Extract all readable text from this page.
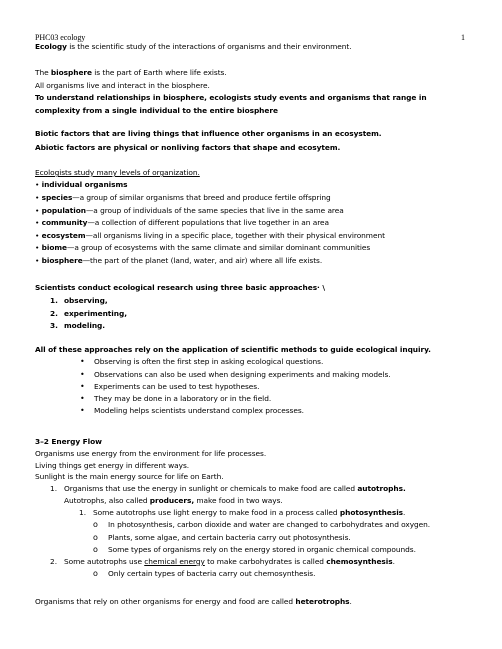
PHC03 ecology	1
Ecology is the scientific study of the interactions of organisms and their environment.
The biosphere is the part of Earth where life exists.
All organisms live and interact in the biosphere.
To understand relationships in biosphere, ecologists study events and organisms that range in
complexity from a single individual to the entire biosphere
Biotic factors that are living things that influence other organisms in an ecosystem.
Abiotic factors are physical or nonliving factors that shape and ecosytem.
Ecologists study many levels of organization.
• individual organisms
• species—a group of similar organisms that breed and produce fertile offspring
• population—a group of individuals of the same species that live in the same area
• community—a collection of different populations that live together in an area
• ecosystem—all organisms living in a specific place, together with their physical environment
• biome—a group of ecosystems with the same climate and similar dominant communities
• biosphere—the part of the planet (land, water, and air) where all life exists.
Scientists conduct ecological research using three basic approaches· \
1. observing,
2. experimenting,
3. modeling.
All of these approaches rely on the application of scientific methods to guide ecological inquiry.
• Observing is often the first step in asking ecological questions.
• Observations can also be used when designing experiments and making models.
• Experiments can be used to test hypotheses.
• They may be done in a laboratory or in the field.
• Modeling helps scientists understand complex processes.
3–2 Energy Flow
Organisms use energy from the environment for life processes.
Living things get energy in different ways.
Sunlight is the main energy source for life on Earth.
1. Organisms that use the energy in sunlight or chemicals to make food are called autotrophs.
Autotrophs, also called producers, make food in two ways.
1. Some autotrophs use light energy to make food in a process called photosynthesis.
o In photosynthesis, carbon dioxide and water are changed to carbohydrates and oxygen.
o Plants, some algae, and certain bacteria carry out photosynthesis.
o Some types of organisms rely on the energy stored in organic chemical compounds.
2. Some autotrophs use chemical energy to make carbohydrates is called chemosynthesis.
o Only certain types of bacteria carry out chemosynthesis.
Organisms that rely on other organisms for energy and food are called heterotrophs.
